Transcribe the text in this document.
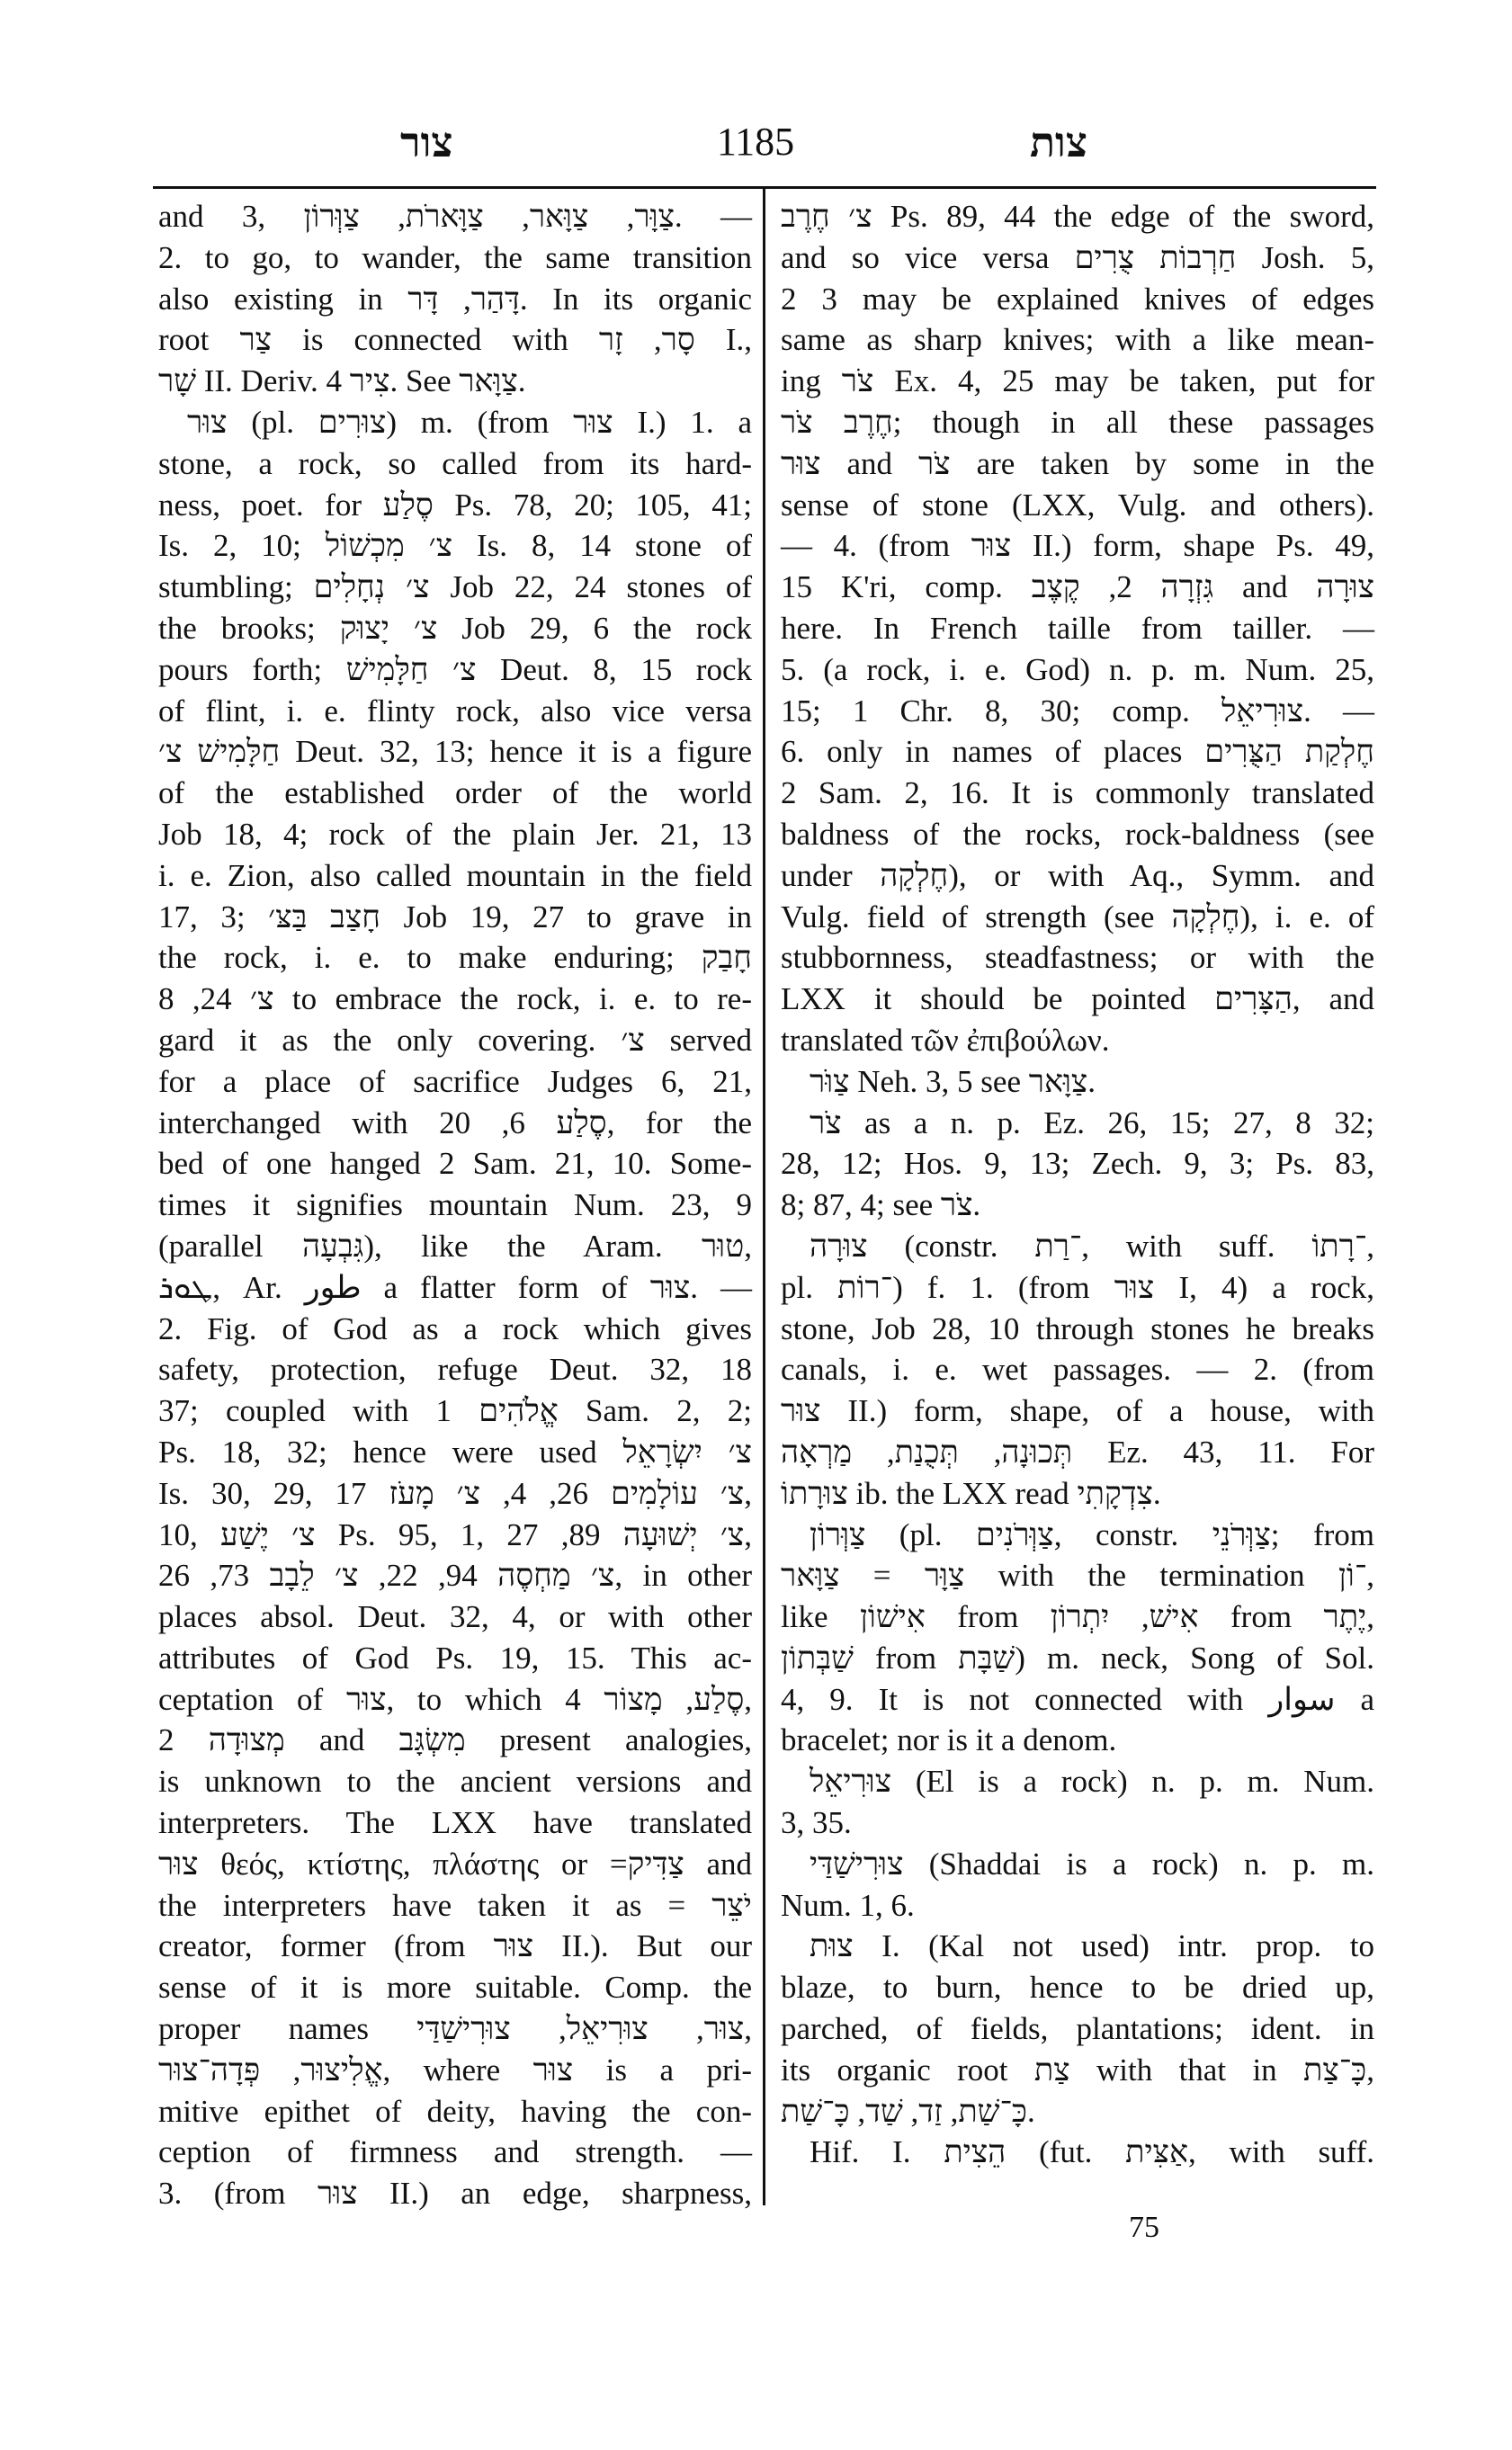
צור	1185	צות
and 3, צַוָּר, צַוָּאר, צַוָּארֹת, צַוְּרוֹן. —
2. to go, to wander, the same transition
also existing in דָּהַר, דָּר. In its organic
root צַר is connected with סָר, זָר I.,
שָׁר II. Deriv. צִיר 4. See צַוָּאר.
צוּר (pl. צוּרִים) m. (from צוּר I.) 1. a
stone, a rock, so called from its hard-
ness, poet. for סֶלַע Ps. 78, 20; 105, 41;
Is. 2, 10; צ׳ מִכְשׁוֹל Is. 8, 14 stone of
stumbling; צ׳ נְחָלִים Job 22, 24 stones of
the brooks; צ׳ יָצוּק Job 29, 6 the rock
pours forth; צ׳ חַלָּמִישׁ Deut. 8, 15 rock
of flint, i. e. flinty rock, also vice versa
חַלָּמִישׁ צ׳ Deut. 32, 13; hence it is a figure
of the established order of the world
Job 18, 4; rock of the plain Jer. 21, 13
i. e. Zion, also called mountain in the field
17, 3; חָצַב בַּצּ׳ Job 19, 27 to grave in
the rock, i. e. to make enduring; חָבַק
צ׳ 24, 8 to embrace the rock, i. e. to re-
gard it as the only covering. צ׳ served
for a place of sacrifice Judges 6, 21,
interchanged with סֶלַע 6, 20, for the
bed of one hanged 2 Sam. 21, 10. Some-
times it signifies mountain Num. 23, 9
(parallel גִּבְעָה), like the Aram. טוּר,
ܛܘܪ, Ar. طور a flatter form of צוּר. —
2. Fig. of God as a rock which gives
safety, protection, refuge Deut. 32, 18
37; coupled with אֱלֹהִים 1 Sam. 2, 2;
Ps. 18, 32; hence were used צ׳ יִשְׂרָאֵל
Is. 30, 29, צ׳ עוֹלָמִים 26, 4, צ׳ מָעֹז 17,
10, צ׳ יֶשַׁע Ps. 95, 1, צ׳ יְשׁוּעָה 89, 27,
צ׳ מַחְסֶה 94, 22, צ׳ לֵבָב 73, 26, in other
places absol. Deut. 32, 4, or with other
attributes of God Ps. 19, 15. This ac-
ceptation of צוּר, to which סֶלַע, מָצוֹר 4,
מְצוּדָה 2 and מִשְׂגָּב present analogies,
is unknown to the ancient versions and
interpreters. The LXX have translated
צוּר θεός, κτίστης, πλάστης or =צַדִּיק and
the interpreters have taken it as = יֹצֵר
creator, former (from צוּר II.). But our
sense of it is more suitable. Comp. the
proper names צוּר, צוּרִיאֵל, צוּרִישַׁדַּי,
אֱלִיצוּר, פְּדָה־צוּר, where צוּר is a pri-
mitive epithet of deity, having the con-
ception of firmness and strength. —
3. (from צוּר II.) an edge, sharpness,
צ׳ חֶרֶב Ps. 89, 44 the edge of the sword,
and so vice versa חַרְבוֹת צֻרִים Josh. 5,
2 3 may be explained knives of edges
same as sharp knives; with a like mean-
ing צֹר Ex. 4, 25 may be taken, put for
חֶרֶב צֹר; though in all these passages
צוּר and צֹר are taken by some in the
sense of stone (LXX, Vulg. and others).
— 4. (from צוּר II.) form, shape Ps. 49,
15 K'ri, comp. גִּזְרָה 2, קֶצֶב and צוּרָה
here. In French taille from tailler. —
5. (a rock, i. e. God) n. p. m. Num. 25,
15; 1 Chr. 8, 30; comp. צוּרִיאֵל. —
6. only in names of places חֶלְקַת הַצֻּרִים
2 Sam. 2, 16. It is commonly translated
baldness of the rocks, rock-baldness (see
under חֶלְקָה), or with Aq., Symm. and
Vulg. field of strength (see חֶלְקָה), i. e. of
stubbornness, steadfastness; or with the
LXX it should be pointed הַצָּרִים, and
translated τῶν ἐπιβούλων.
צַוֹּר Neh. 3, 5 see צַוָּאר.
צֹר as a n. p. Ez. 26, 15; 27, 8 32;
28, 12; Hos. 9, 13; Zech. 9, 3; Ps. 83,
8; 87, 4; see צֹר.
צוּרָה (constr. ־רַת, with suff. ־רָתוֹ,
pl. ־רוֹת) f. 1. (from צוּר I, 4) a rock,
stone, Job 28, 10 through stones he breaks
canals, i. e. wet passages. — 2. (from
צוּר II.) form, shape, of a house, with
תְּכוּנָה, תְּכֻנַת, מַרְאָה Ez. 43, 11. For
צוּרָתוֹ ib. the LXX read צִדְקָתִי.
צַוְּרוֹן (pl. צַוְּרֹנִים, constr. צַוְּרֹנֵי; from
צַוָּר = צַוָּאר with the termination ־וֹן,
like אִישׁוֹן from אִישׁ, יִתְרוֹן from יֶתֶר,
שַׁבְּתוֹן from שַׁבָּת) m. neck, Song of Sol.
4, 9. It is not connected with سوار a
bracelet; nor is it a denom.
צוּרִיאֵל (El is a rock) n. p. m. Num.
3, 35.
צוּרִישַׁדַּי (Shaddai is a rock) n. p. m.
Num. 1, 6.
צוּת I. (Kal not used) intr. prop. to
blaze, to burn, hence to be dried up,
parched, of fields, plantations; ident. in
its organic root צַת with that in כָּ־צַת,
כָּ־שַׁת, זַד, שַׁד, כָּ־שַׁת.
Hif. I. הֵצִית (fut. אַצִּית, with suff.
75
